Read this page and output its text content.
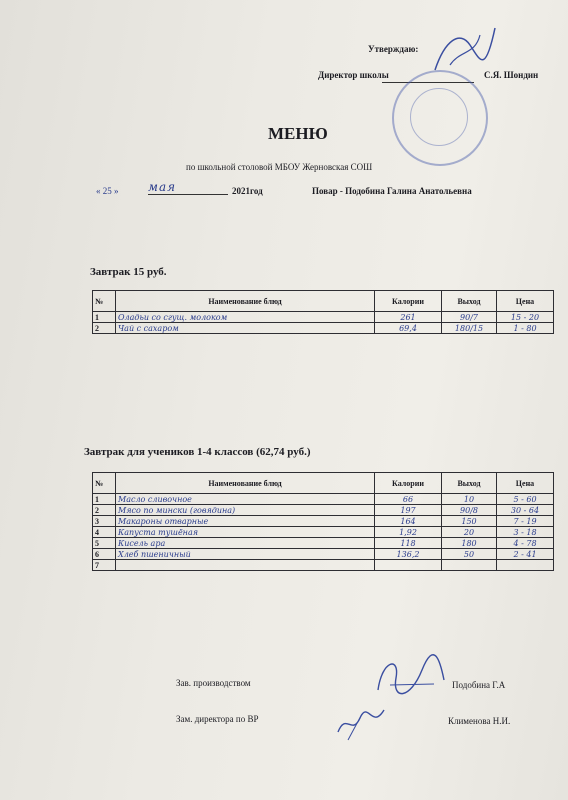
Утверждаю:
Директор школы	С.Я. Шондин
МЕНЮ
по школьной столовой МБОУ Жерновская СОШ
« 25 » мая	2021год	Повар - Подобина Галина Анатольевна
Завтрак 15 руб.
№	Наименование блюд	Калории	Выход	Цена
1	Оладьи со сгущ. молоком	261	90/7	15 - 20
2	Чай с сахаром	69,4	180/15	1 - 80
Завтрак для учеников 1-4 классов (62,74 руб.)
№	Наименование блюд	Калории	Выход	Цена
1	Масло сливочное	66	10	5 - 60
2	Мясо по минcки (говядина)	197	90/8	30 - 64
3	Макароны отварные	164	150	7 - 19
4	Капуста тушёная	1,92	20	3 - 18
5	Кисель ара	118	180	4 - 78
6	Хлеб пшеничный	136,2	50	2 - 41
7				
Зав. производством	Подобина Г.А
Зам. директора по ВР	Клименова Н.И.
